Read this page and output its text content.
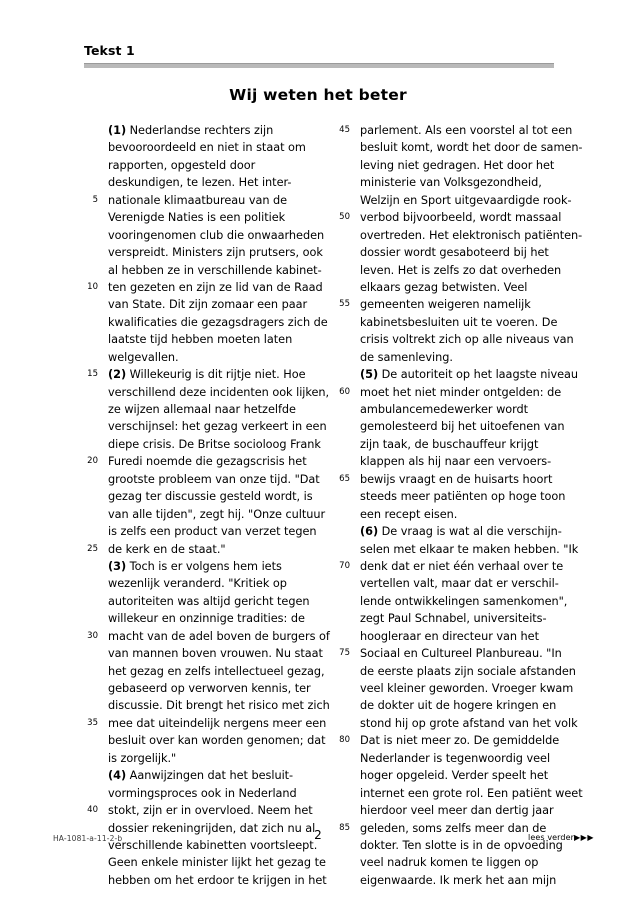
Tekst 1
Wij weten het beter
(1) Nederlandse rechters zijn
bevooroordeeld en niet in staat om
rapporten, opgesteld door
deskundigen, te lezen. Het inter-
5 nationale klimaatbureau van de
Verenigde Naties is een politiek
vooringenomen club die onwaarheden
verspreidt. Ministers zijn prutsers, ook
al hebben ze in verschillende kabinet-
10 ten gezeten en zijn ze lid van de Raad
van State. Dit zijn zomaar een paar
kwalificaties die gezagsdragers zich de
laatste tijd hebben moeten laten
welgevallen.
15 (2) Willekeurig is dit rijtje niet. Hoe
verschillend deze incidenten ook lijken,
ze wijzen allemaal naar hetzelfde
verschijnsel: het gezag verkeert in een
diepe crisis. De Britse socioloog Frank
20 Furedi noemde die gezagscrisis het
grootste probleem van onze tijd. "Dat
gezag ter discussie gesteld wordt, is
van alle tijden", zegt hij. "Onze cultuur
is zelfs een product van verzet tegen
25 de kerk en de staat."
(3) Toch is er volgens hem iets
wezenlijk veranderd. "Kritiek op
autoriteiten was altijd gericht tegen
willekeur en onzinnige tradities: de
30 macht van de adel boven de burgers of
van mannen boven vrouwen. Nu staat
het gezag en zelfs intellectueel gezag,
gebaseerd op verworven kennis, ter
discussie. Dit brengt het risico met zich
35 mee dat uiteindelijk nergens meer een
besluit over kan worden genomen; dat
is zorgelijk."
(4) Aanwijzingen dat het besluit-
vormingsproces ook in Nederland
40 stokt, zijn er in overvloed. Neem het
dossier rekeningrijden, dat zich nu al
verschillende kabinetten voortsleept.
Geen enkele minister lijkt het gezag te
hebben om het erdoor te krijgen in het
45 parlement. Als een voorstel al tot een
besluit komt, wordt het door de samen-
leving niet gedragen. Het door het
ministerie van Volksgezondheid,
Welzijn en Sport uitgevaardigde rook-
50 verbod bijvoorbeeld, wordt massaal
overtreden. Het elektronisch patiënten-
dossier wordt gesaboteerd bij het
leven. Het is zelfs zo dat overheden
elkaars gezag betwisten. Veel
55 gemeenten weigeren namelijk
kabinetsbesluiten uit te voeren. De
crisis voltrekt zich op alle niveaus van
de samenleving.
(5) De autoriteit op het laagste niveau
60 moet het niet minder ontgelden: de
ambulancemedewerker wordt
gemolesteerd bij het uitoefenen van
zijn taak, de buschauffeur krijgt
klappen als hij naar een vervoers-
65 bewijs vraagt en de huisarts hoort
steeds meer patiënten op hoge toon
een recept eisen.
(6) De vraag is wat al die verschijn-
selen met elkaar te maken hebben. "Ik
70 denk dat er niet één verhaal over te
vertellen valt, maar dat er verschil-
lende ontwikkelingen samenkomen",
zegt Paul Schnabel, universiteits-
hoogleraar en directeur van het
75 Sociaal en Cultureel Planbureau. "In
de eerste plaats zijn sociale afstanden
veel kleiner geworden. Vroeger kwam
de dokter uit de hogere kringen en
stond hij op grote afstand van het volk
80 Dat is niet meer zo. De gemiddelde
Nederlander is tegenwoordig veel
hoger opgeleid. Verder speelt het
internet een grote rol. Een patiënt weet
hierdoor veel meer dan dertig jaar
85 geleden, soms zelfs meer dan de
dokter. Ten slotte is in de opvoeding
veel nadruk komen te liggen op
eigenwaarde. Ik merk het aan mijn
HA-1081-a-11-2-b	2	lees verder▶▶▶
